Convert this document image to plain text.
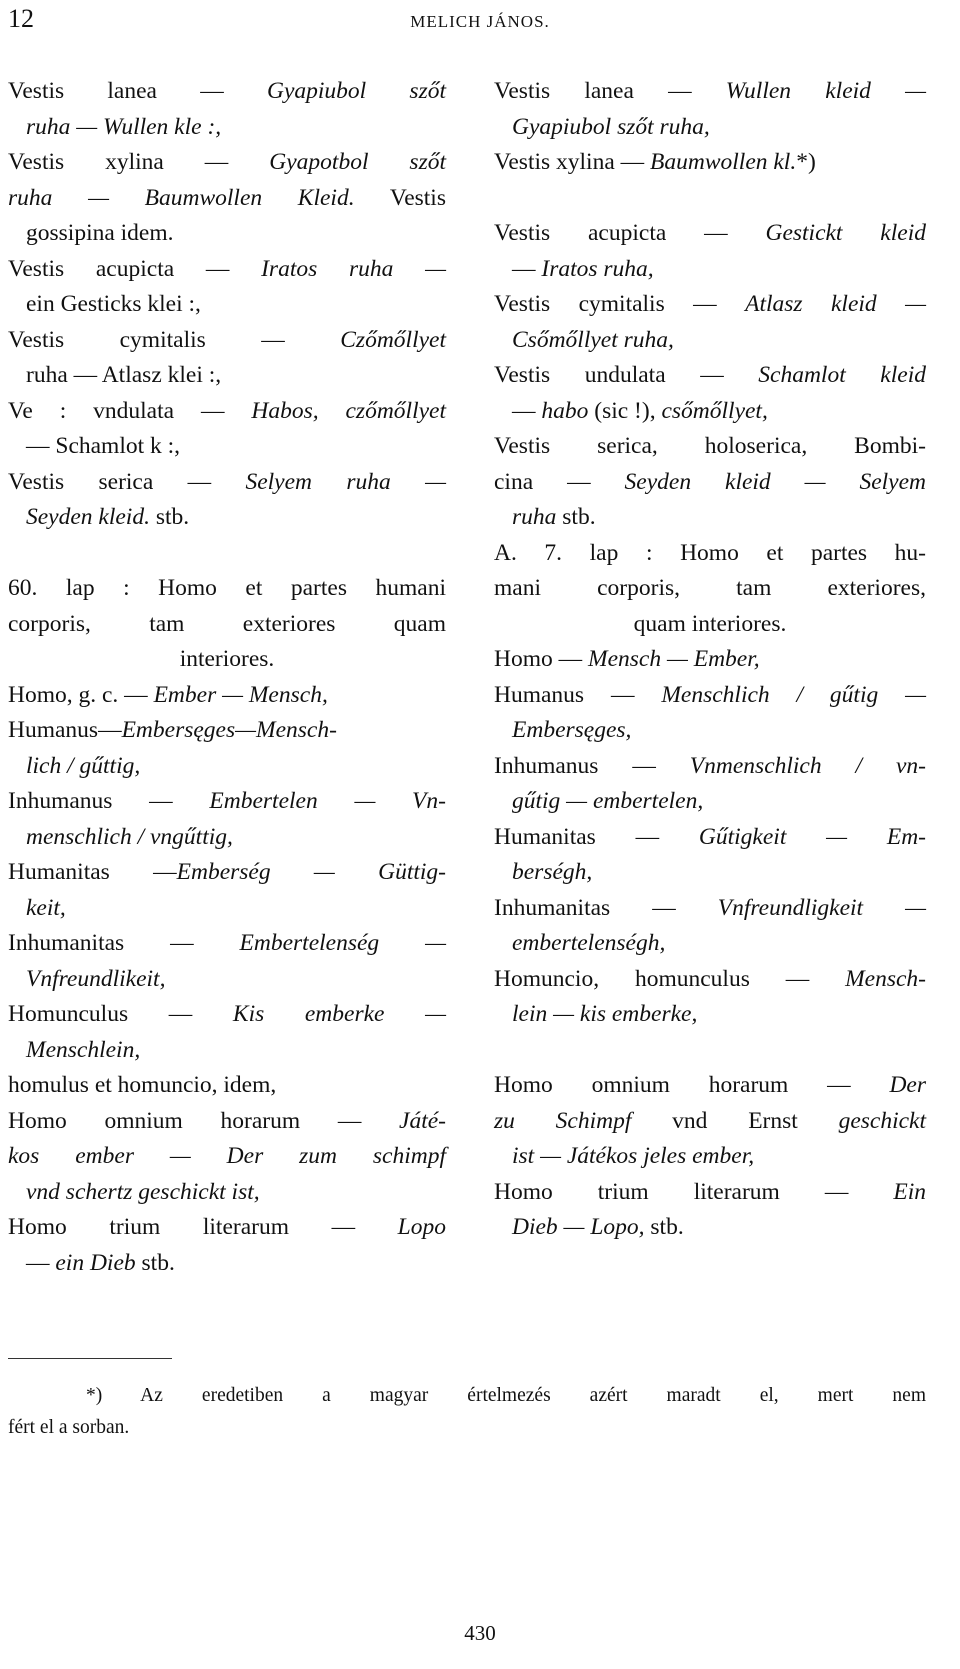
12	MELICH JÁNOS.
Vestis lanea — Gyapiubol szőt
ruha — Wullen kle :,
Vestis xylina — Gyapotbol szőt
ruha — Baumwollen Kleid. Vestis
gossipina idem.
Vestis acupicta — Iratos ruha —
ein Gesticks klei :,
Vestis cymitalis — Czőmőllyet
ruha — Atlasz klei :,
Ve : vndulata — Habos, czőmőllyet
— Schamlot k :,
Vestis serica — Selyem ruha —
Seyden kleid. stb.
60. lap : Homo et partes humani
corporis, tam exteriores quam
interiores.
Homo, g. c. — Ember — Mensch,
Humanus—Embersęges—Mensch-
lich / gűttig,
Inhumanus — Embertelen — Vn-
menschlich / vngűttig,
Humanitas —Emberség — Güttig-
keit,
Inhumanitas — Embertelenség —
Vnfreundlikeit,
Homunculus — Kis emberke —
Menschlein,
homulus et homuncio, idem,
Homo omnium horarum — Játé-
kos ember — Der zum schimpf
vnd schertz geschickt ist,
Homo trium literarum — Lopo
— ein Dieb stb.
Vestis lanea — Wullen kleid —
Gyapiubol szőt ruha,
Vestis xylina — Baumwollen kl.*)
Vestis acupicta — Gestickt kleid
— Iratos ruha,
Vestis cymitalis — Atlasz kleid —
Csőmőllyet ruha,
Vestis undulata — Schamlot kleid
— habo (sic !), csőmőllyet,
Vestis serica, holoserica, Bombi-
cina — Seyden kleid — Selyem
ruha stb.
A. 7. lap : Homo et partes hu-
mani corporis, tam exteriores,
quam interiores.
Homo — Mensch — Ember,
Humanus — Menschlich / gűtig —
Embersęges,
Inhumanus — Vnmenschlich / vn-
gűtig — embertelen,
Humanitas — Gűtigkeit — Em-
berségh,
Inhumanitas — Vnfreundligkeit —
embertelenségh,
Homuncio, homunculus — Mensch-
lein — kis emberke,
Homo omnium horarum — Der
zu Schimpf vnd Ernst geschickt
ist — Játékos jeles ember,
Homo trium literarum — Ein
Dieb — Lopo, stb.
*) Az eredetiben a magyar értelmezés azért maradt el, mert nem
fért el a sorban.
430
